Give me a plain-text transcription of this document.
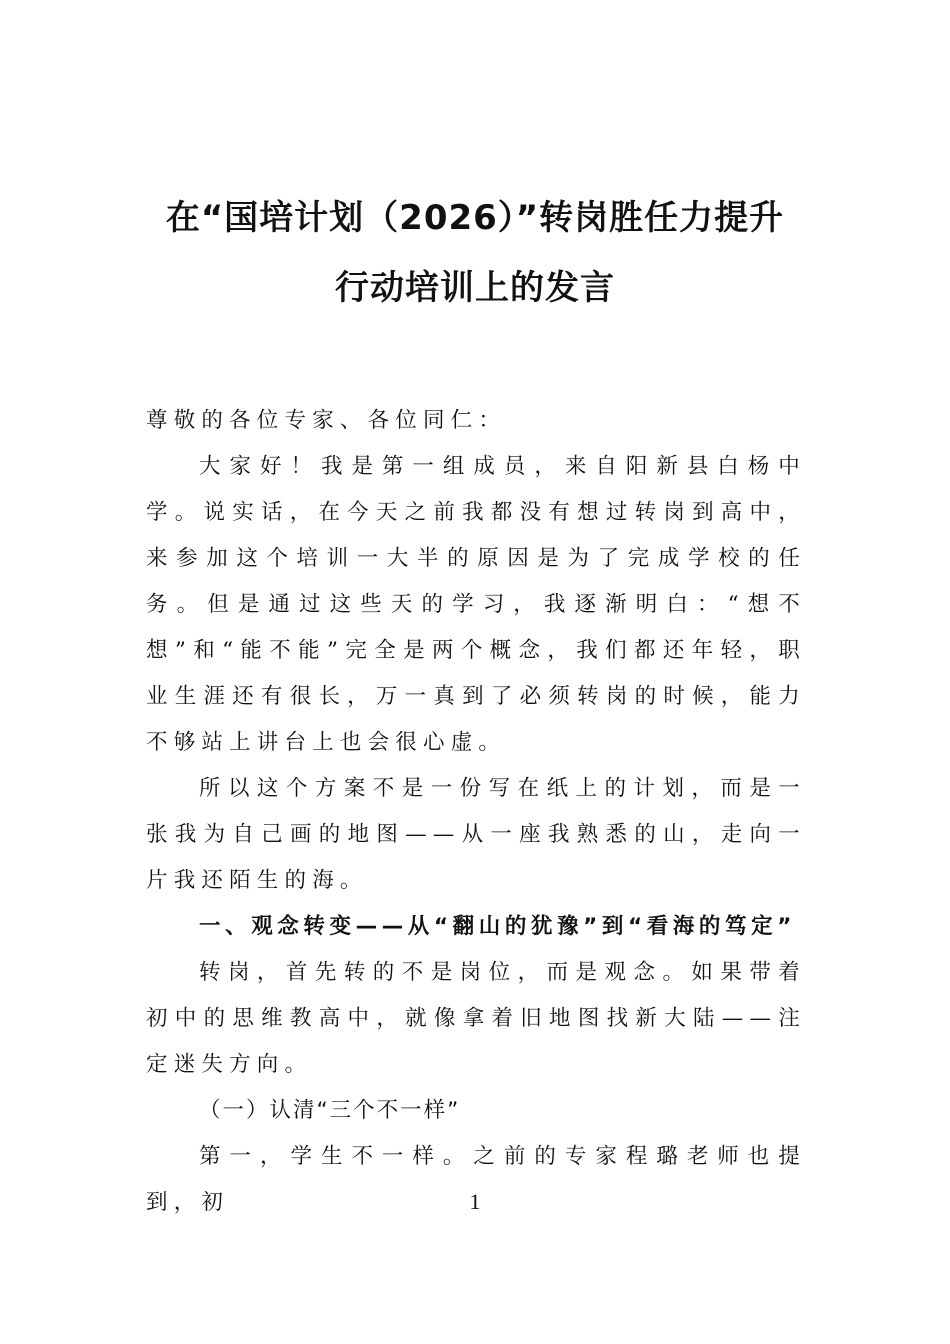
在“国培计划（2026）”转岗胜任力提升
行动培训上的发言

尊敬的各位专家、各位同仁：

大家好！我是第一组成员，来自阳新县白杨中学。说实话，在今天之前我都没有想过转岗到高中，来参加这个培训一大半的原因是为了完成学校的任务。但是通过这些天的学习，我逐渐明白：“想不想”和“能不能”完全是两个概念，我们都还年轻，职业生涯还有很长，万一真到了必须转岗的时候，能力不够站上讲台上也会很心虚。

所以这个方案不是一份写在纸上的计划，而是一张我为自己画的地图——从一座我熟悉的山，走向一片我还陌生的海。

一、观念转变——从“翻山的犹豫”到“看海的笃定”

转岗，首先转的不是岗位，而是观念。如果带着初中的思维教高中，就像拿着旧地图找新大陆——注定迷失方向。

（一）认清“三个不一样”

第一，学生不一样。之前的专家程璐老师也提到，初	1
